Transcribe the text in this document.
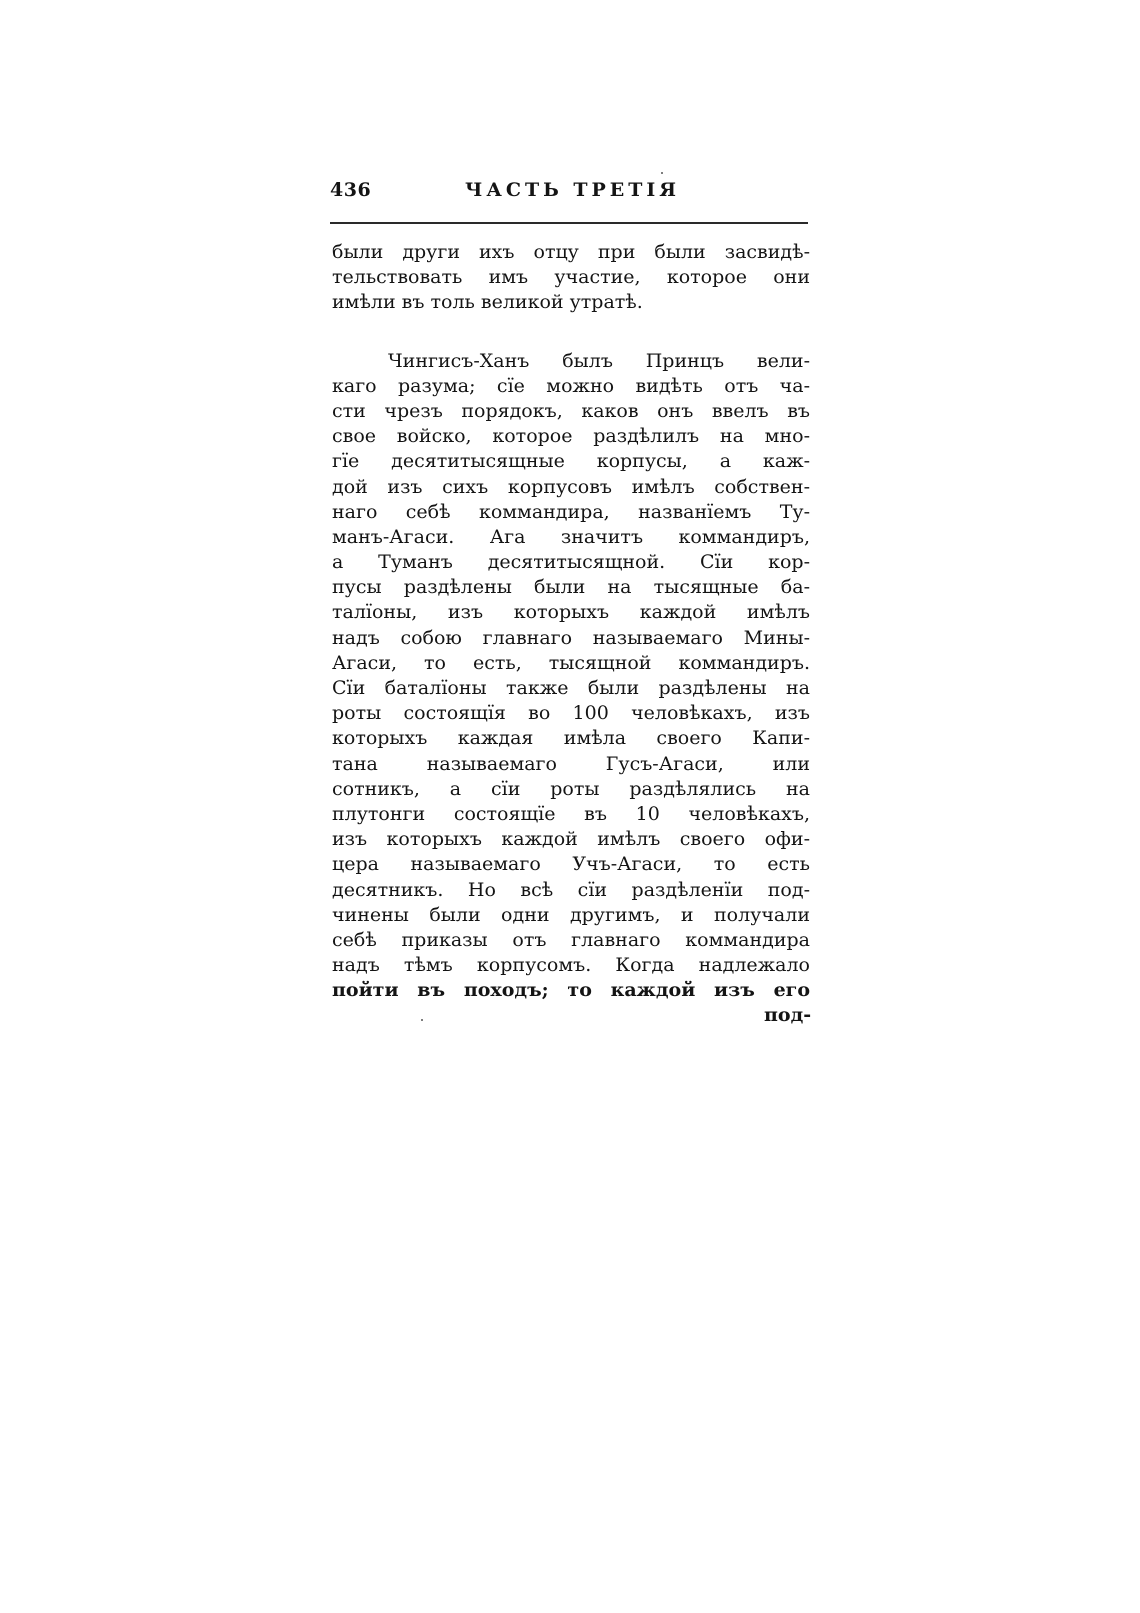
436	ЧАСТЬ ТРЕТІЯ
были други ихъ отцу при были засвидѣ-
тельствовать имъ участие, которое они
имѣли въ толь великой утратѣ.
Чингисъ-Ханъ былъ Принцъ вели-
каго разума; сїе можно видѣть отъ ча-
сти чрезъ порядокъ, каков онъ ввелъ въ
свое войско, которое раздѣлилъ на мно-
гїе десятитысящные корпусы, а каж-
дой изъ сихъ корпусовъ имѣлъ собствен-
наго себѣ коммандира, названїемъ Ту-
манъ-Агаси. Ага значитъ коммандиръ,
а Туманъ десятитысящной. Сїи кор-
пусы раздѣлены были на тысящные ба-
талїоны, изъ которыхъ каждой имѣлъ
надъ собою главнаго называемаго Мины-
Агаси, то есть, тысящной коммандиръ.
Сїи баталїоны также были раздѣлены на
роты состоящїя во 100 человѣкахъ, изъ
которыхъ каждая имѣла своего Капи-
тана называемаго Гусъ-Агаси, или
сотникъ, а сїи роты раздѣлялись на
плутонги состоящїе въ 10 человѣкахъ,
изъ которыхъ каждой имѣлъ своего офи-
цера называемаго Учъ-Агаси, то есть
десятникъ. Но всѣ сїи раздѣленїи под-
чинены были одни другимъ, и получали
себѣ приказы отъ главнаго коммандира
надъ тѣмъ корпусомъ. Когда надлежало
пойти въ походъ; то каждой изъ его
под-
